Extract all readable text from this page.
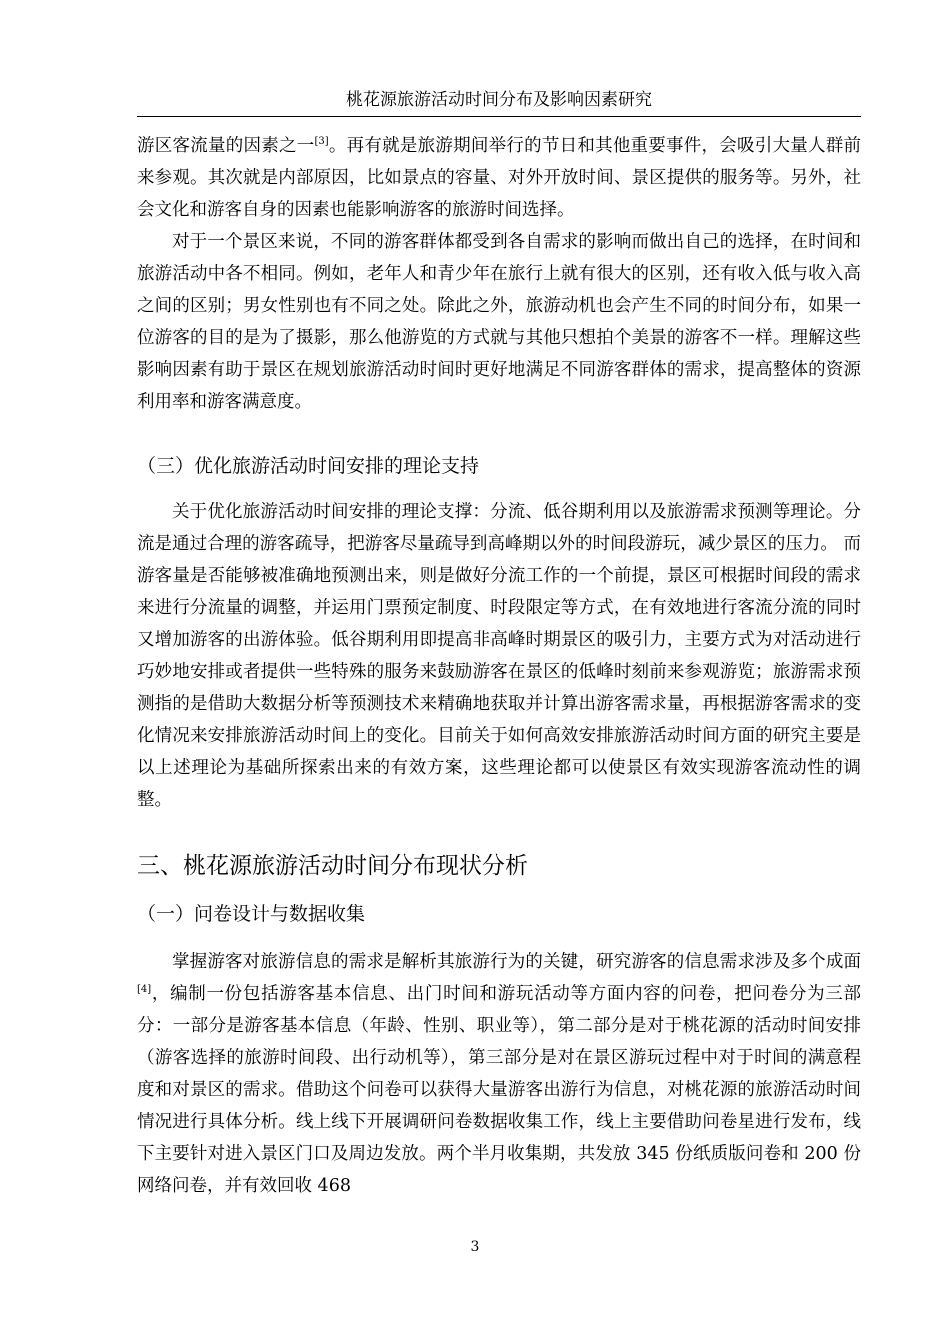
桃花源旅游活动时间分布及影响因素研究

游区客流量的因素之一[3]。再有就是旅游期间举行的节日和其他重要事件，会吸引大量人群前来参观。其次就是内部原因，比如景点的容量、对外开放时间、景区提供的服务等。另外，社会文化和游客自身的因素也能影响游客的旅游时间选择。

对于一个景区来说，不同的游客群体都受到各自需求的影响而做出自己的选择，在时间和旅游活动中各不相同。例如，老年人和青少年在旅行上就有很大的区别，还有收入低与收入高之间的区别；男女性别也有不同之处。除此之外，旅游动机也会产生不同的时间分布，如果一位游客的目的是为了摄影，那么他游览的方式就与其他只想拍个美景的游客不一样。理解这些影响因素有助于景区在规划旅游活动时间时更好地满足不同游客群体的需求，提高整体的资源利用率和游客满意度。

（三）优化旅游活动时间安排的理论支持

关于优化旅游活动时间安排的理论支撑：分流、低谷期利用以及旅游需求预测等理论。分流是通过合理的游客疏导，把游客尽量疏导到高峰期以外的时间段游玩，减少景区的压力。 而游客量是否能够被准确地预测出来，则是做好分流工作的一个前提，景区可根据时间段的需求来进行分流量的调整，并运用门票预定制度、时段限定等方式，在有效地进行客流分流的同时又增加游客的出游体验。低谷期利用即提高非高峰时期景区的吸引力，主要方式为对活动进行巧妙地安排或者提供一些特殊的服务来鼓励游客在景区的低峰时刻前来参观游览；旅游需求预测指的是借助大数据分析等预测技术来精确地获取并计算出游客需求量，再根据游客需求的变化情况来安排旅游活动时间上的变化。目前关于如何高效安排旅游活动时间方面的研究主要是以上述理论为基础所探索出来的有效方案，这些理论都可以使景区有效实现游客流动性的调整。

三、桃花源旅游活动时间分布现状分析
（一）问卷设计与数据收集

掌握游客对旅游信息的需求是解析其旅游行为的关键，研究游客的信息需求涉及多个成面[4]，编制一份包括游客基本信息、出门时间和游玩活动等方面内容的问卷，把问卷分为三部分：一部分是游客基本信息（年龄、性别、职业等），第二部分是对于桃花源的活动时间安排（游客选择的旅游时间段、出行动机等），第三部分是对在景区游玩过程中对于时间的满意程度和对景区的需求。借助这个问卷可以获得大量游客出游行为信息，对桃花源的旅游活动时间情况进行具体分析。线上线下开展调研问卷数据收集工作，线上主要借助问卷星进行发布，线下主要针对进入景区门口及周边发放。两个半月收集期，共发放 345 份纸质版问卷和 200 份网络问卷，并有效回收 468

3
